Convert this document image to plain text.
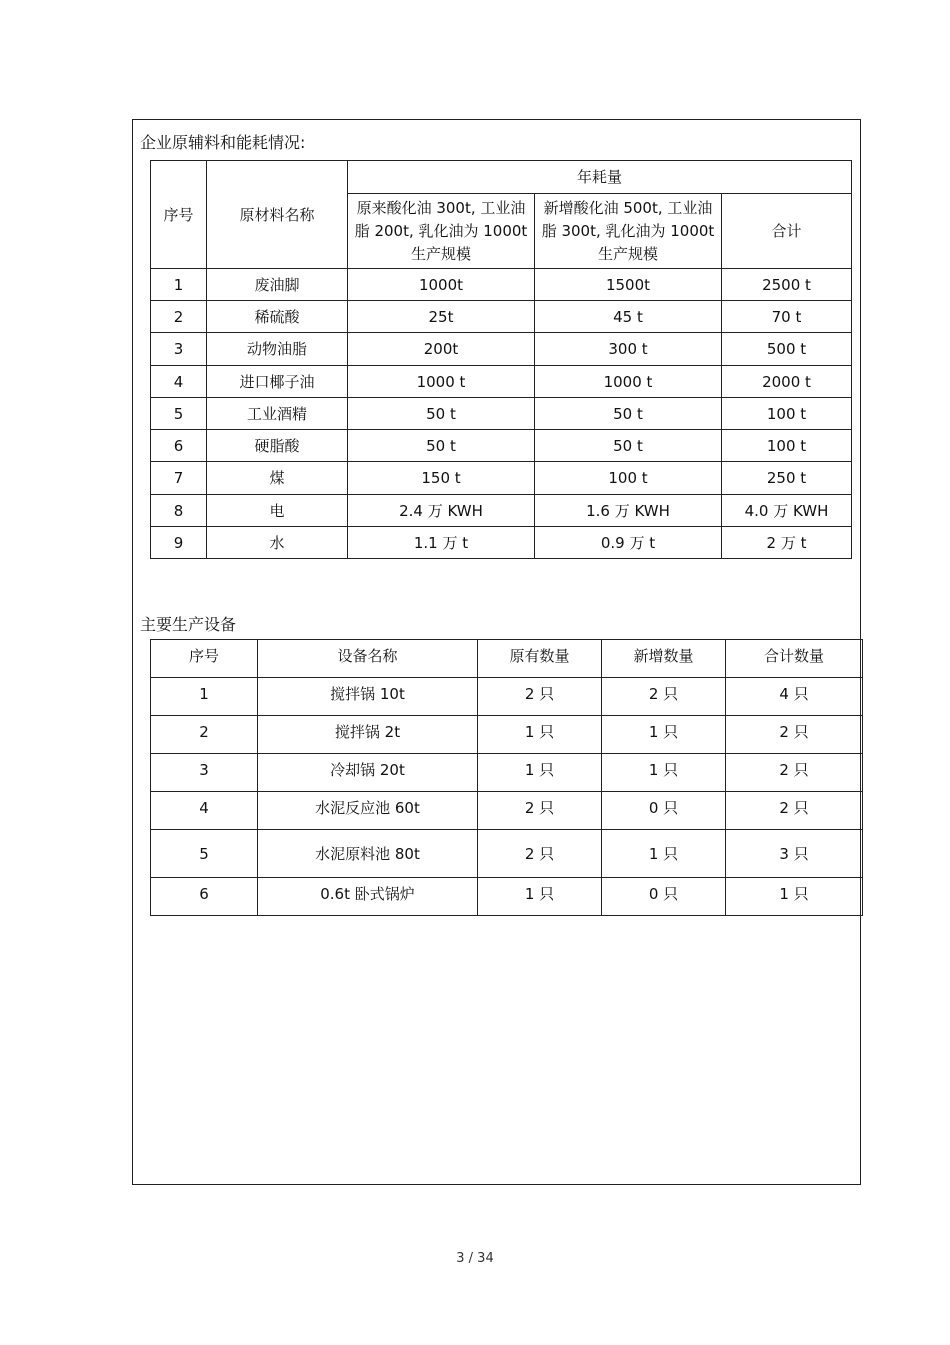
企业原辅料和能耗情况:
序号	原材料名称	年耗量		
		原来酸化油 300t, 工业油脂 200t, 乳化油为 1000t 生产规模	新增酸化油 500t, 工业油脂 300t, 乳化油为 1000t 生产规模	合计
1	废油脚	1000t	1500t	2500 t
2	稀硫酸	25t	45 t	70 t
3	动物油脂	200t	300 t	500 t
4	进口椰子油	1000 t	1000 t	2000 t
5	工业酒精	50 t	50 t	100 t
6	硬脂酸	50 t	50 t	100 t
7	煤	150 t	100 t	250 t
8	电	2.4 万 KWH	1.6 万 KWH	4.0 万 KWH
9	水	1.1 万 t	0.9 万 t	2 万 t
主要生产设备
序号	设备名称	原有数量	新增数量	合计数量
1	搅拌锅 10t	2 只	2 只	4 只
2	搅拌锅 2t	1 只	1 只	2 只
3	冷却锅 20t	1 只	1 只	2 只
4	水泥反应池 60t	2 只	0 只	2 只
5	水泥原料池 80t	2 只	1 只	3 只
6	0.6t 卧式锅炉	1 只	0 只	1 只
3 / 34
